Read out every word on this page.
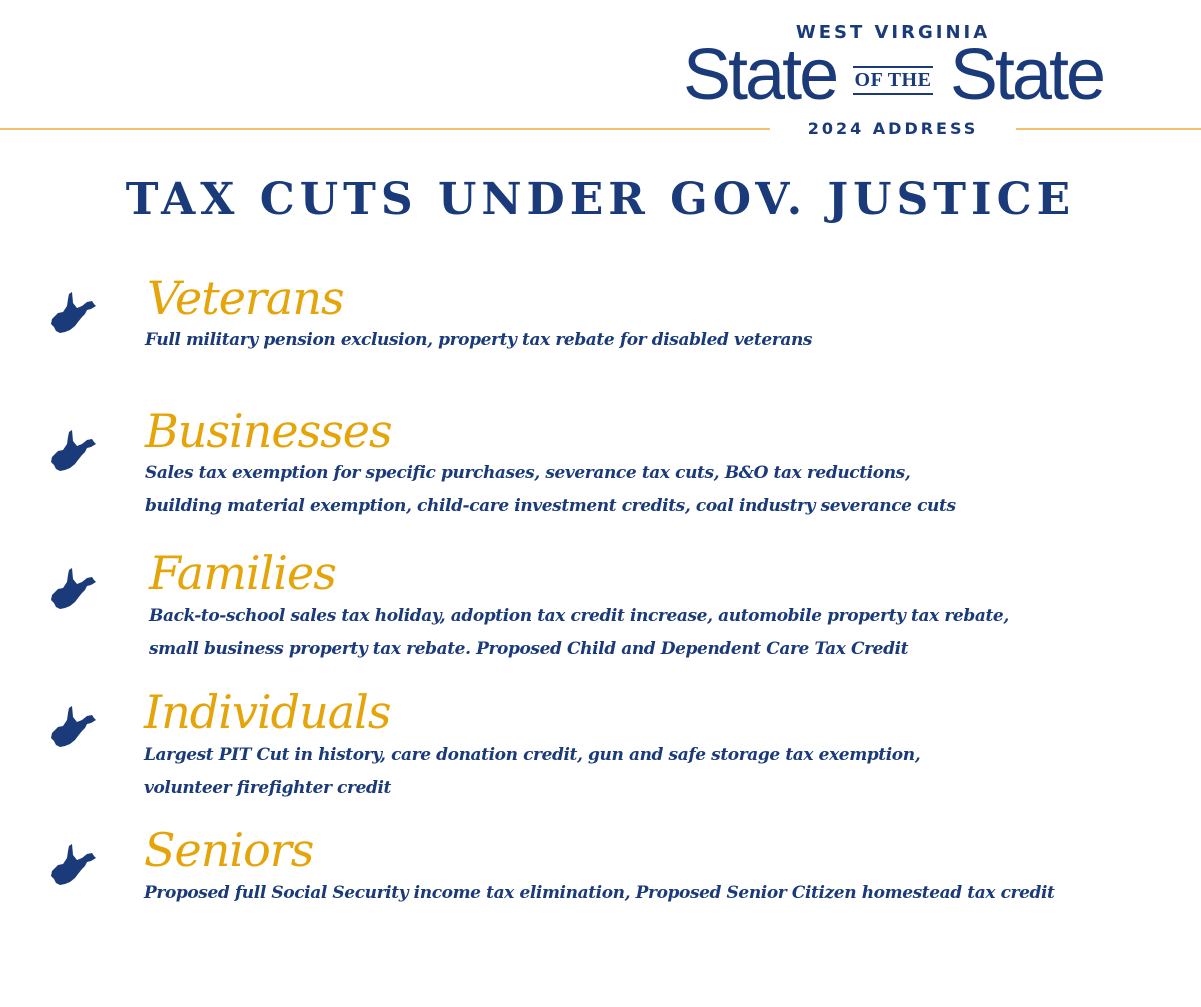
WEST VIRGINIA
State OF THE State
2024 ADDRESS
TAX CUTS UNDER GOV. JUSTICE
Veterans
Full military pension exclusion, property tax rebate for disabled veterans
Businesses
Sales tax exemption for specific purchases, severance tax cuts, B&O tax reductions,
building material exemption, child-care investment credits, coal industry severance cuts
Families
Back-to-school sales tax holiday, adoption tax credit increase, automobile property tax rebate,
small business property tax rebate. Proposed Child and Dependent Care Tax Credit
Individuals
Largest PIT Cut in history, care donation credit, gun and safe storage tax exemption,
volunteer firefighter credit
Seniors
Proposed full Social Security income tax elimination, Proposed Senior Citizen homestead tax credit
